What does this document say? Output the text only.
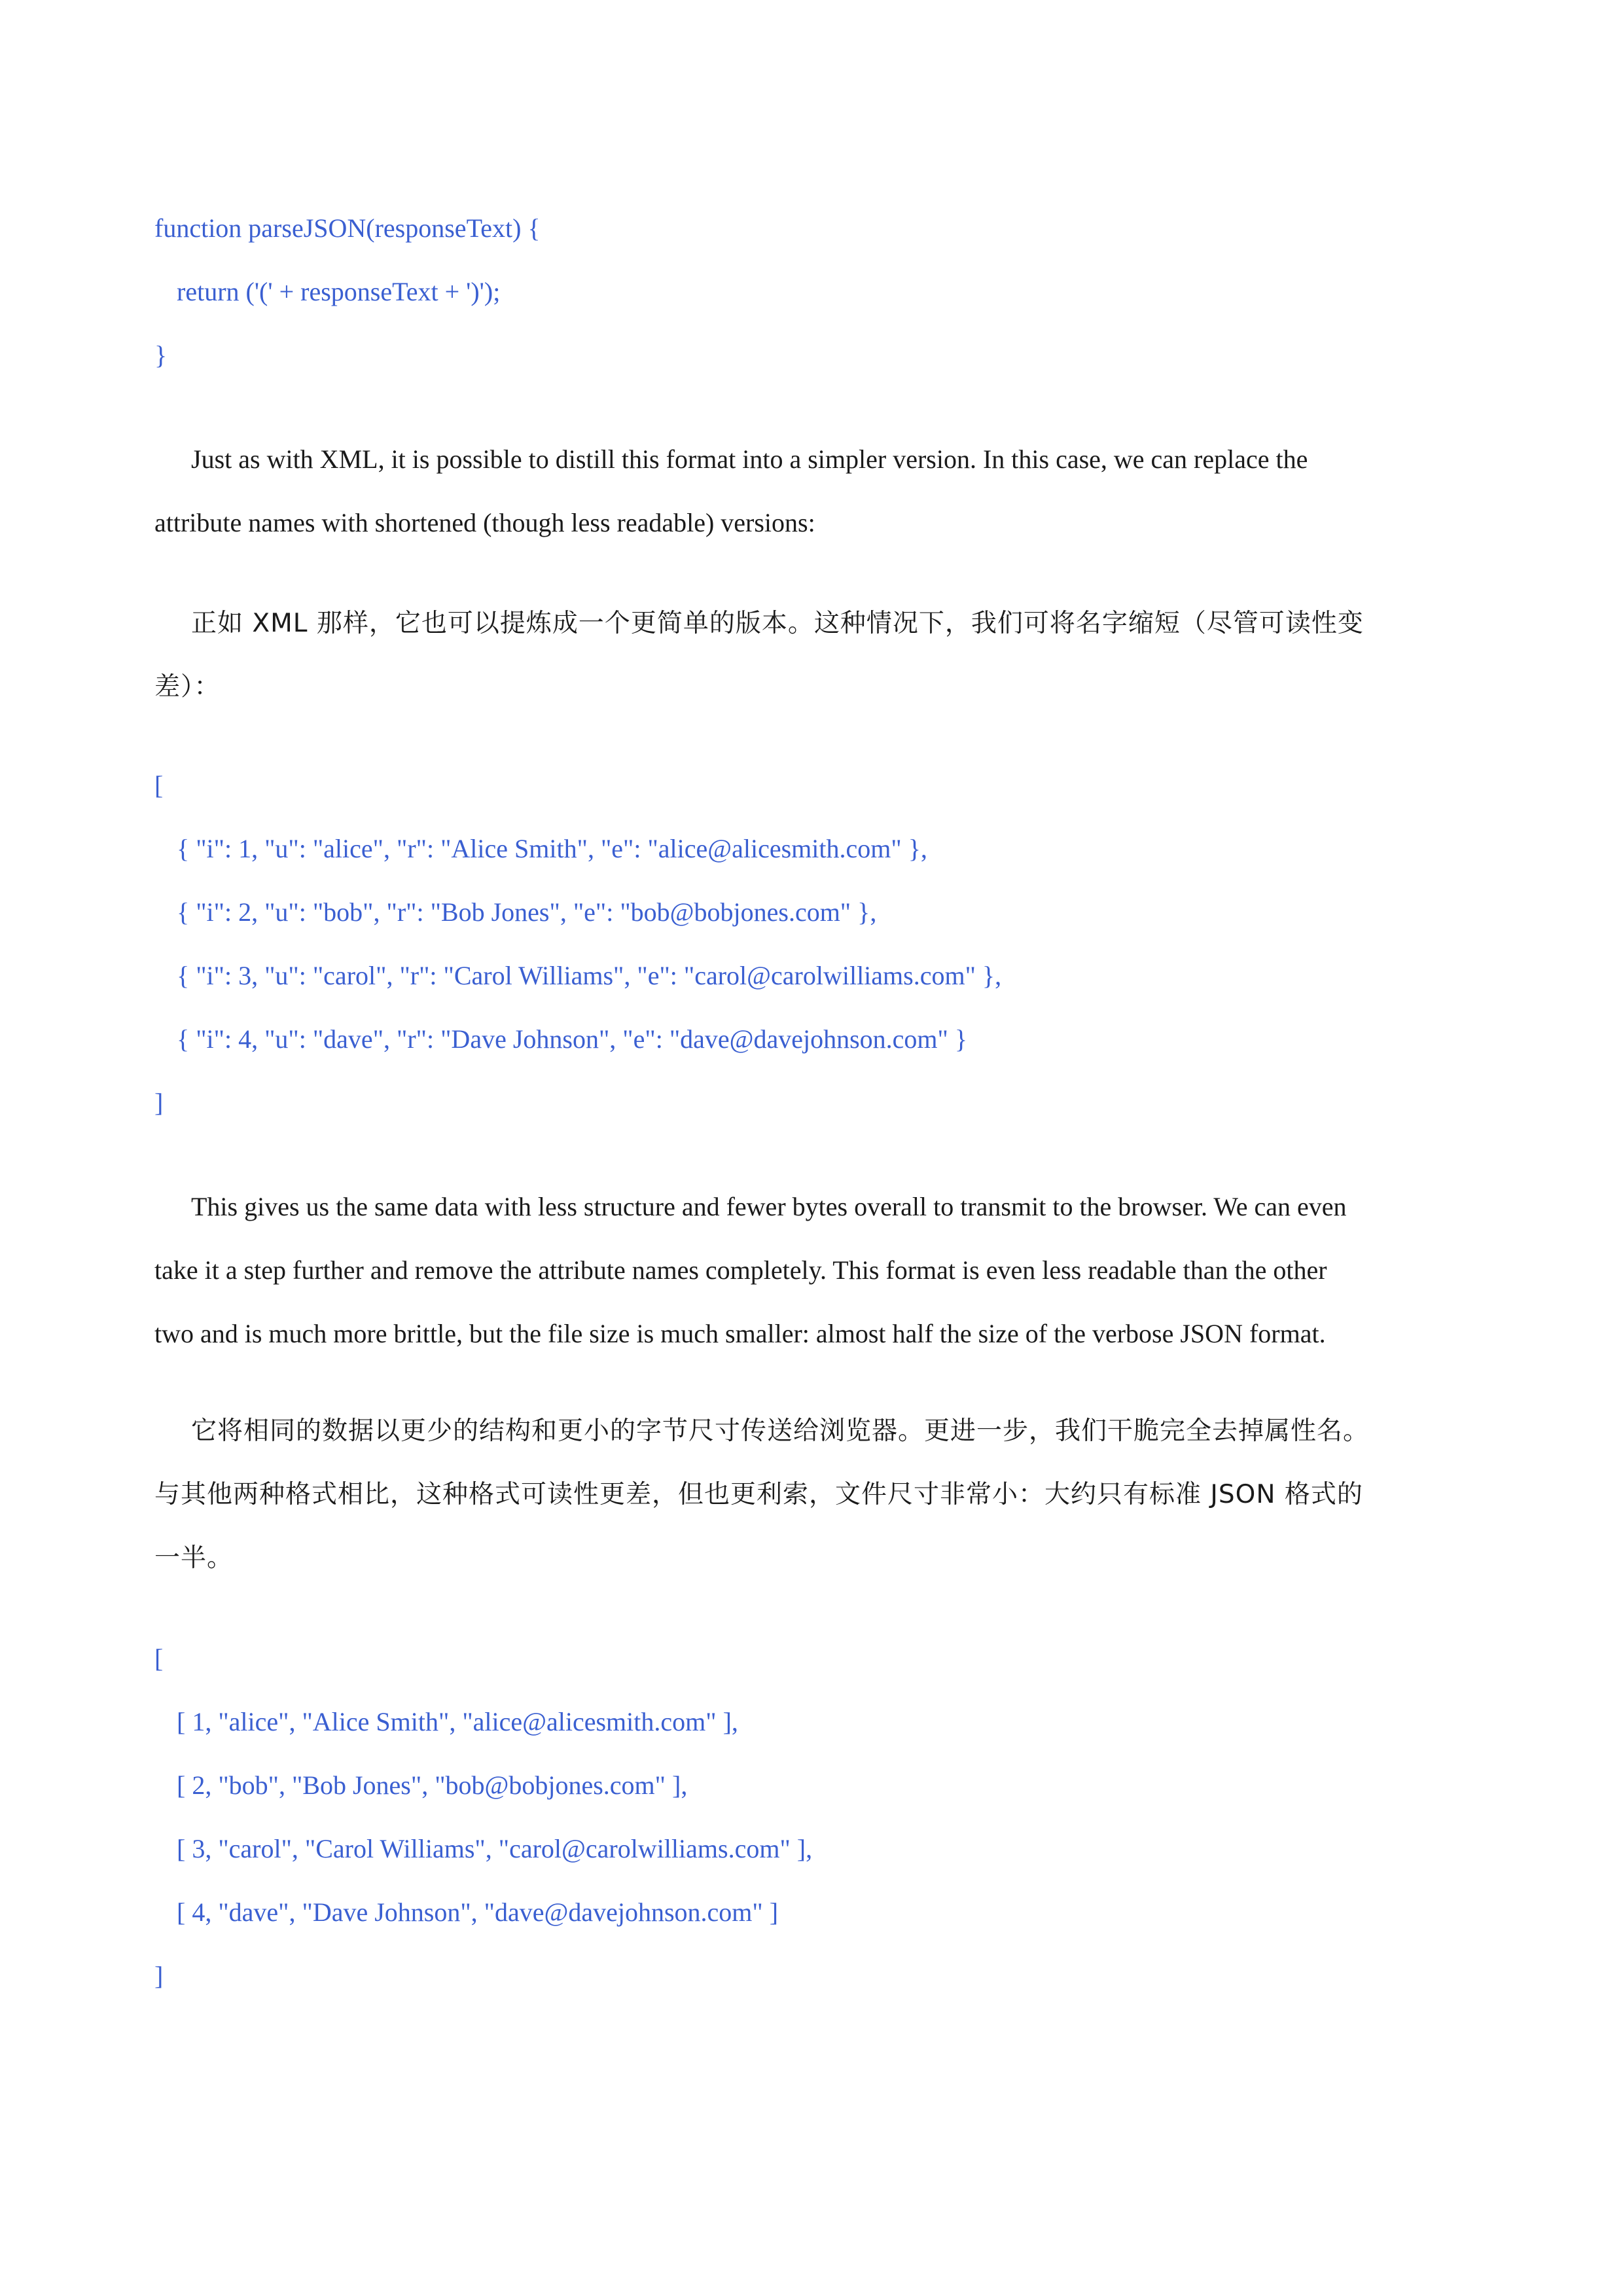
function parseJSON(responseText) {
return ('(' + responseText + ')');
}
Just as with XML, it is possible to distill this format into a simpler version. In this case, we can replace the
attribute names with shortened (though less readable) versions:
正如 XML 那样，它也可以提炼成一个更简单的版本。这种情况下，我们可将名字缩短（尽管可读性变
差）：
[
{ "i": 1, "u": "alice", "r": "Alice Smith", "e": "alice@alicesmith.com" },
{ "i": 2, "u": "bob", "r": "Bob Jones", "e": "bob@bobjones.com" },
{ "i": 3, "u": "carol", "r": "Carol Williams", "e": "carol@carolwilliams.com" },
{ "i": 4, "u": "dave", "r": "Dave Johnson", "e": "dave@davejohnson.com" }
]
This gives us the same data with less structure and fewer bytes overall to transmit to the browser. We can even
take it a step further and remove the attribute names completely. This format is even less readable than the other
two and is much more brittle, but the file size is much smaller: almost half the size of the verbose JSON format.
它将相同的数据以更少的结构和更小的字节尺寸传送给浏览器。更进一步，我们干脆完全去掉属性名。
与其他两种格式相比，这种格式可读性更差，但也更利索，文件尺寸非常小：大约只有标准 JSON 格式的
一半。
[
[ 1, "alice", "Alice Smith", "alice@alicesmith.com" ],
[ 2, "bob", "Bob Jones", "bob@bobjones.com" ],
[ 3, "carol", "Carol Williams", "carol@carolwilliams.com" ],
[ 4, "dave", "Dave Johnson", "dave@davejohnson.com" ]
]
